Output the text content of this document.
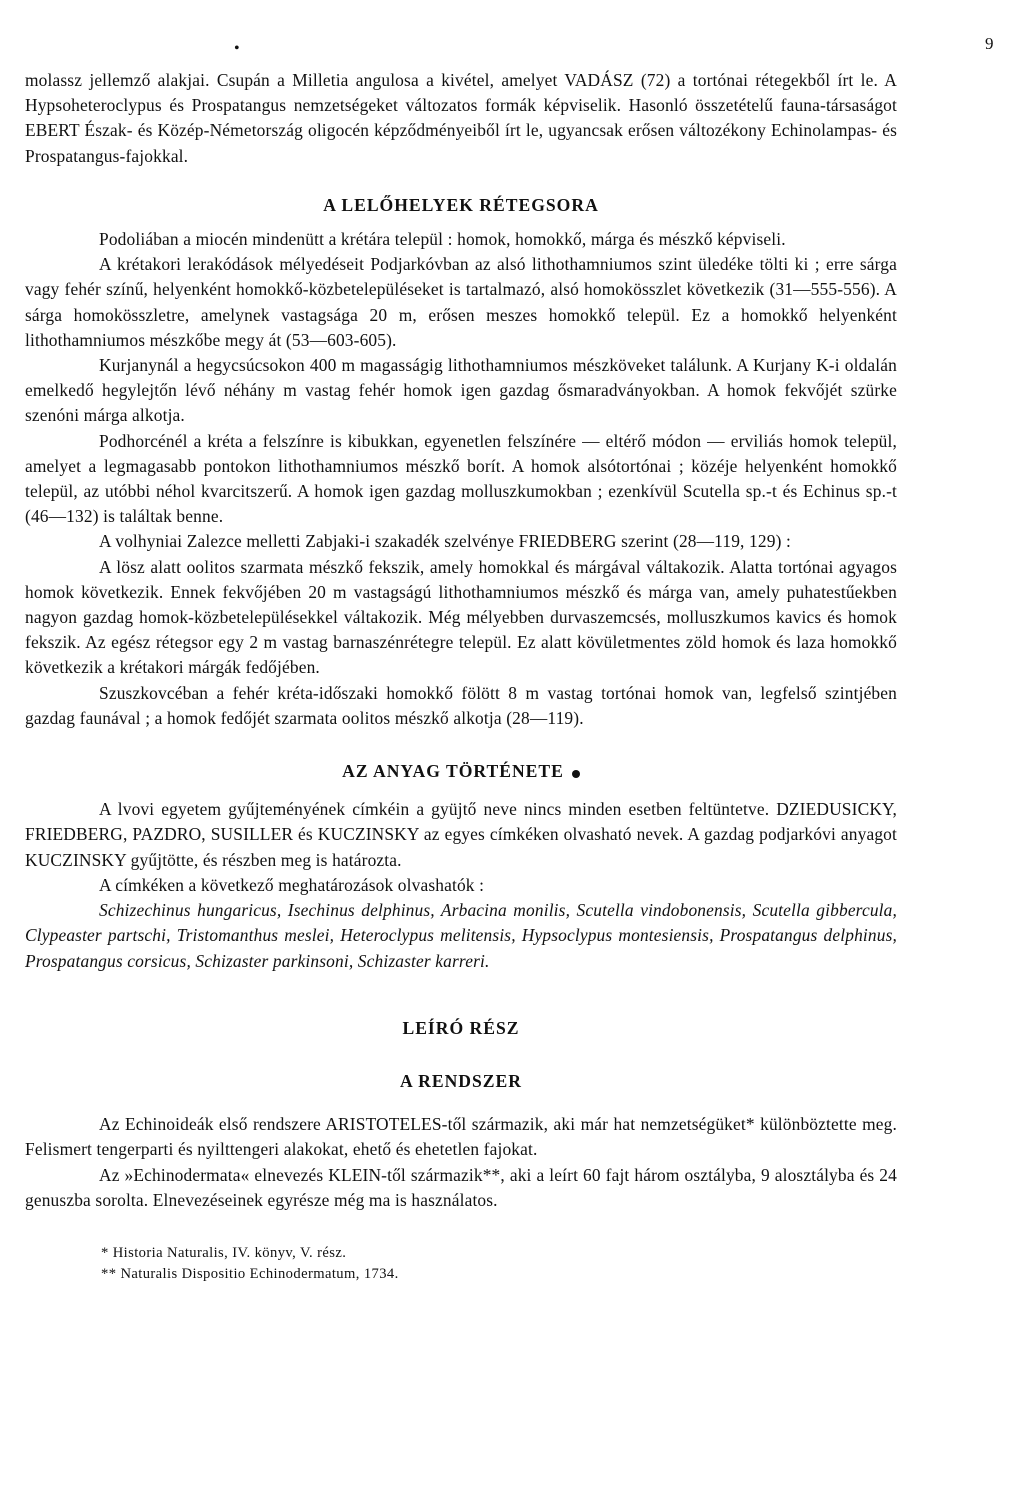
•	9

molassz jellemző alakjai. Csupán a Milletia angulosa a kivétel, amelyet VADÁSZ (72) a tortónai rétegekből írt le. A Hypsoheteroclypus és Prospatangus nemzetségeket változatos formák képviselik. Hasonló összetételű fauna-társaságot EBERT Észak- és Közép-Németország oligocén képződményeiből írt le, ugyancsak erősen változékony Echinolampas- és Prospatangus-fajokkal.

A LELŐHELYEK RÉTEGSORA

Podoliában a miocén mindenütt a krétára települ : homok, homokkő, márga és mészkő képviseli.

A krétakori lerakódások mélyedéseit Podjarkóvban az alsó lithothamniumos szint üledéke tölti ki ; erre sárga vagy fehér színű, helyenként homokkő-közbetelepüléseket is tartalmazó, alsó homokösszlet következik (31—555-556). A sárga homokösszletre, amelynek vastagsága 20 m, erősen meszes homokkő települ. Ez a homokkő helyenként lithothamniumos mészkőbe megy át (53—603-605).

Kurjanynál a hegycsúcsokon 400 m magasságig lithothamniumos mészköveket találunk. A Kurjany K-i oldalán emelkedő hegylejtőn lévő néhány m vastag fehér homok igen gazdag ősmaradványokban. A homok fekvőjét szürke szenóni márga alkotja.

Podhorcénél a kréta a felszínre is kibukkan, egyenetlen felszínére — eltérő módon — erviliás homok települ, amelyet a legmagasabb pontokon lithothamniumos mészkő borít. A homok alsótortónai ; közéje helyenként homokkő települ, az utóbbi néhol kvarcitszerű. A homok igen gazdag molluszkumokban ; ezenkívül Scutella sp.-t és Echinus sp.-t (46—132) is találtak benne.

A volhyniai Zalezce melletti Zabjaki-i szakadék szelvénye FRIEDBERG szerint (28—119, 129) :

A lösz alatt oolitos szarmata mészkő fekszik, amely homokkal és márgával váltakozik. Alatta tortónai agyagos homok következik. Ennek fekvőjében 20 m vastagságú lithothamniumos mészkő és márga van, amely puhatestűekben nagyon gazdag homok-közbetelepülésekkel váltakozik. Még mélyebben durvaszemcsés, molluszkumos kavics és homok fekszik. Az egész rétegsor egy 2 m vastag barnaszénrétegre települ. Ez alatt kövületmentes zöld homok és laza homokkő következik a krétakori márgák fedőjében.

Szuszkovcéban a fehér kréta-időszaki homokkő fölött 8 m vastag tortónai homok van, legfelső szintjében gazdag faunával ; a homok fedőjét szarmata oolitos mészkő alkotja (28—119).

AZ ANYAG TÖRTÉNETE

A lvovi egyetem gyűjteményének címkéin a gyüjtő neve nincs minden esetben feltüntetve. DZIEDUSICKY, FRIEDBERG, PAZDRO, SUSILLER és KUCZINSKY az egyes címkéken olvasható nevek. A gazdag podjarkóvi anyagot KUCZINSKY gyűjtötte, és részben meg is határozta.

A címkéken a következő meghatározások olvashatók :

Schizechinus hungaricus, Isechinus delphinus, Arbacina monilis, Scutella vindobonensis, Scutella gibbercula, Clypeaster partschi, Tristomanthus meslei, Heteroclypus melitensis, Hypsoclypus montesiensis, Prospatangus delphinus, Prospatangus corsicus, Schizaster parkinsoni, Schizaster karreri.

LEÍRÓ RÉSZ
A RENDSZER

Az Echinoideák első rendszere ARISTOTELES-től származik, aki már hat nemzetségüket* különböztette meg. Felismert tengerparti és nyilttengeri alakokat, ehető és ehetetlen fajokat.

Az »Echinodermata« elnevezés KLEIN-től származik**, aki a leírt 60 fajt három osztályba, 9 alosztályba és 24 genuszba sorolta. Elnevezéseinek egyrésze még ma is használatos.

* Historia Naturalis, IV. könyv, V. rész.

** Naturalis Dispositio Echinodermatum, 1734.
